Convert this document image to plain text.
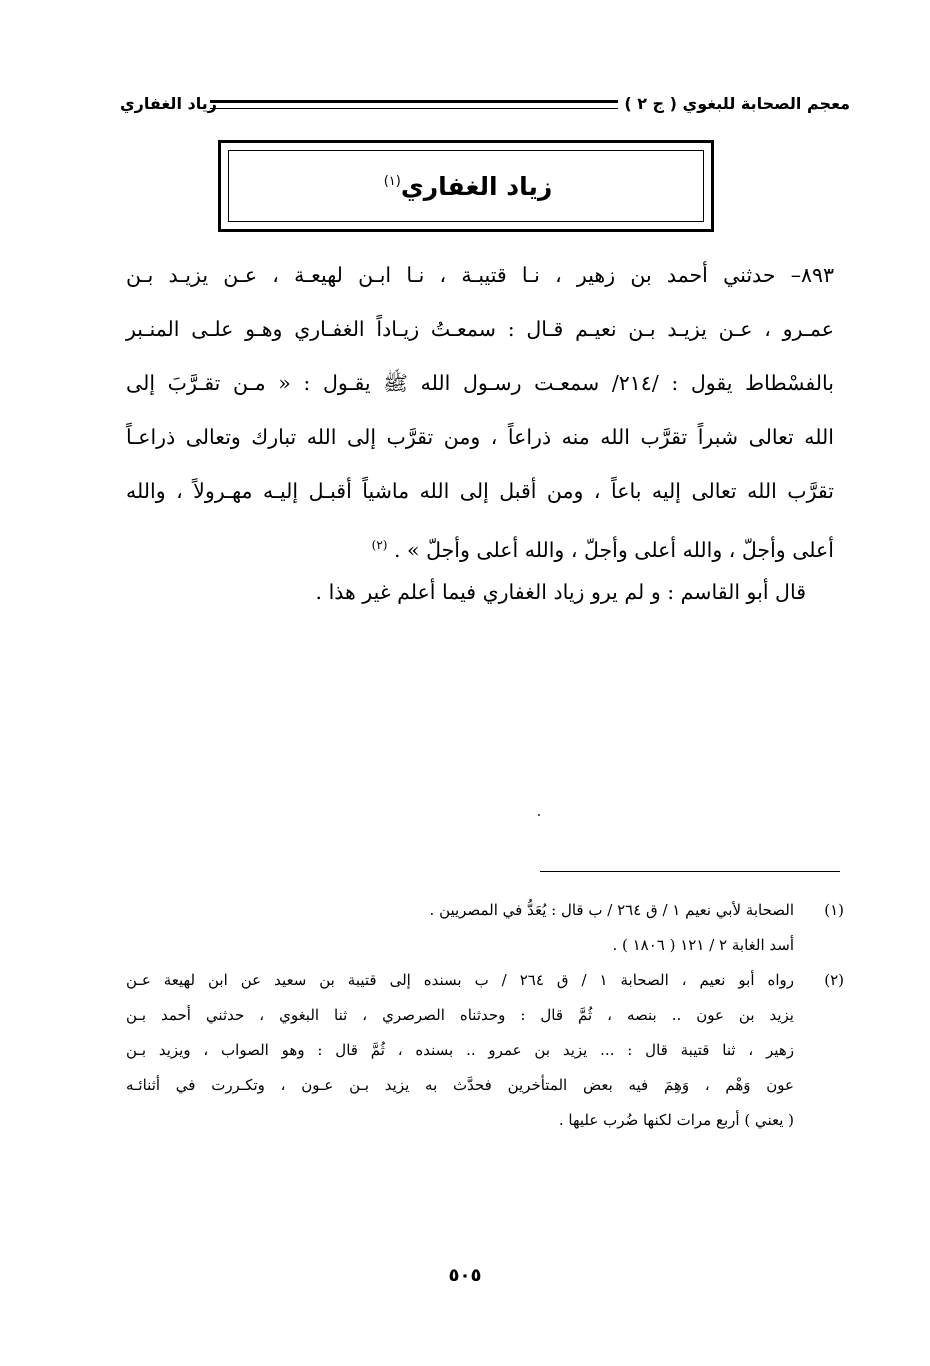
زياد الغفاري	معجم الصحابة للبغوي ( ج ٢ )
زياد الغفاري$^{(١)}$
٨٩٣– حدثني أحمد بن زهير ، نـا قتيبـة ، نـا ابـن لهيعـة ، عـن يزيـد بـن
عمـرو ، عـن يزيـد بـن نعيـم قـال : سمعـتُ زيـاداً الغفـاري وهـو علـى المنـبر
بالفسْطاط يقول : /٢١٤/ سمعـت رسـول الله ﷺ يقـول : « مـن تقـرَّبَ إلى
الله تعالى شبراً تقرَّب الله منه ذراعاً ، ومن تقرَّب إلى الله تبارك وتعالى ذراعـاً
تقرَّب الله تعالى إليه باعاً ، ومن أقبل إلى الله ماشياً أقبـل إليـه مهـرولاً ، والله
أعلى وأجلّ ، والله أعلى وأجلّ ، والله أعلى وأجلّ » . $^{(٢)}$
قال أبو القاسم : و لم يرو زياد الغفاري فيما أعلم غير هذا .
(١)
الصحابة لأبي نعيم ١ / ق ٢٦٤ / ب قال : يُعَدُّ في المصريين .
أسد الغابة ٢ / ١٢١ ( ١٨٠٦ ) .
(٢)
رواه أبو نعيم ، الصحابة ١ / ق ٢٦٤ / ب بسنده إلى قتيبة بن سعيد عن ابن لهيعة عـن
يزيد بن عون .. بنصه ، ثُمَّ قال : وحدثناه الصرصري ، ثنا البغوي ، حدثني أحمد بـن
زهير ، ثنا قتيبة قال : ... يزيد بن عمرو .. بسنده ، ثُمَّ قال : وهو الصواب ، ويزيد بـن
عون وَهْم ، وَهِمَ فيه بعض المتأخرين فحدَّث به يزيد بـن عـون ، وتكـررت في أثنائـه
( يعني ) أربع مرات لكنها ضُرب عليها .
٥٠٥
